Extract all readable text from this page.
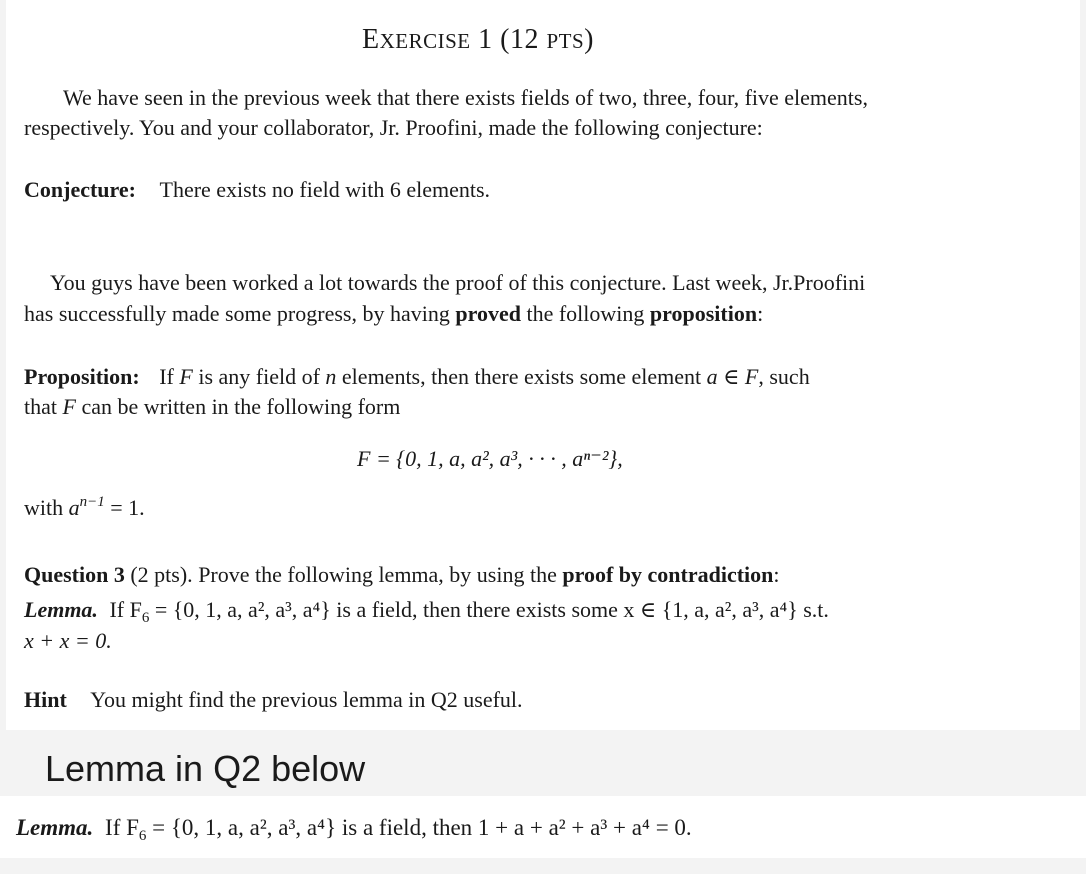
EXERCISE 1 (12 PTS)
We have seen in the previous week that there exists fields of two, three, four, five elements,
respectively. You and your collaborator, Jr. Proofini, made the following conjecture:
Conjecture: There exists no field with 6 elements.
You guys have been worked a lot towards the proof of this conjecture. Last week, Jr.Proofini
has successfully made some progress, by having proved the following proposition:
Proposition: If F is any field of n elements, then there exists some element a ∈ F, such
that F can be written in the following form
F = {0, 1, a, a², a³, · · · , aⁿ⁻²},
with $a^{n-1} = 1$.
Question 3 (2 pts). Prove the following lemma, by using the proof by contradiction:
Lemma. If $F_6 = \{0$, 1, a, a², a³, a⁴} is a field, then there exists some x ∈ {1, a, a², a³, a⁴} s.t.
x + x = 0.
Hint You might find the previous lemma in Q2 useful.
Lemma in Q2 below
Lemma. If $F_6 = \{0$, 1, a, a², a³, a⁴} is a field, then 1 + a + a² + a³ + a⁴ = 0.
